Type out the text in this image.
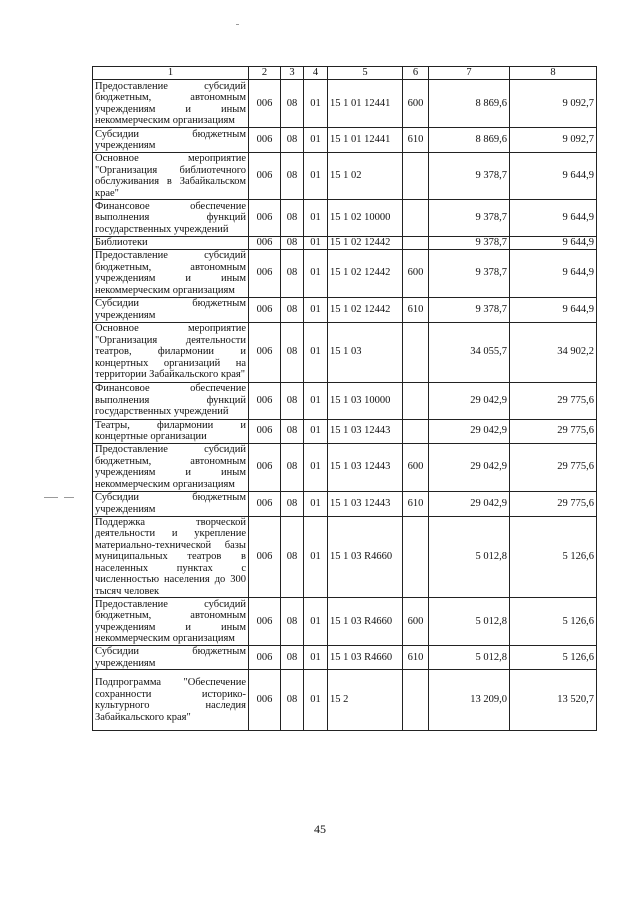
1	2	3	4	5	6	7	8
Предоставление субсидий бюджетным, автономным учреждениям и иным некоммерческим организациям	006	08	01	15 1 01 12441	600	8 869,6	9 092,7
Субсидии бюджетным учреждениям	006	08	01	15 1 01 12441	610	8 869,6	9 092,7
Основное мероприятие "Организация библиотечного обслуживания в Забайкальском крае"	006	08	01	15 1 02		9 378,7	9 644,9
Финансовое обеспечение выполнения функций государственных учреждений	006	08	01	15 1 02 10000		9 378,7	9 644,9
Библиотеки	006	08	01	15 1 02 12442		9 378,7	9 644,9
Предоставление субсидий бюджетным, автономным учреждениям и иным некоммерческим организациям	006	08	01	15 1 02 12442	600	9 378,7	9 644,9
Субсидии бюджетным учреждениям	006	08	01	15 1 02 12442	610	9 378,7	9 644,9
Основное мероприятие "Организация деятельности театров, филармонии и концертных организаций на территории Забайкальского края"	006	08	01	15 1 03		34 055,7	34 902,2
Финансовое обеспечение выполнения функций государственных учреждений	006	08	01	15 1 03 10000		29 042,9	29 775,6
Театры, филармонии и концертные организации	006	08	01	15 1 03 12443		29 042,9	29 775,6
Предоставление субсидий бюджетным, автономным учреждениям и иным некоммерческим организациям	006	08	01	15 1 03 12443	600	29 042,9	29 775,6
Субсидии бюджетным учреждениям	006	08	01	15 1 03 12443	610	29 042,9	29 775,6
Поддержка творческой деятельности и укрепление материально-технической базы муниципальных театров в населенных пунктах с численностью населения до 300 тысяч человек	006	08	01	15 1 03 R4660		5 012,8	5 126,6
Предоставление субсидий бюджетным, автономным учреждениям и иным некоммерческим организациям	006	08	01	15 1 03 R4660	600	5 012,8	5 126,6
Субсидии бюджетным учреждениям	006	08	01	15 1 03 R4660	610	5 012,8	5 126,6
Подпрограмма "Обеспечение сохранности историко-культурного наследия Забайкальского края"	006	08	01	15 2		13 209,0	13 520,7
45
